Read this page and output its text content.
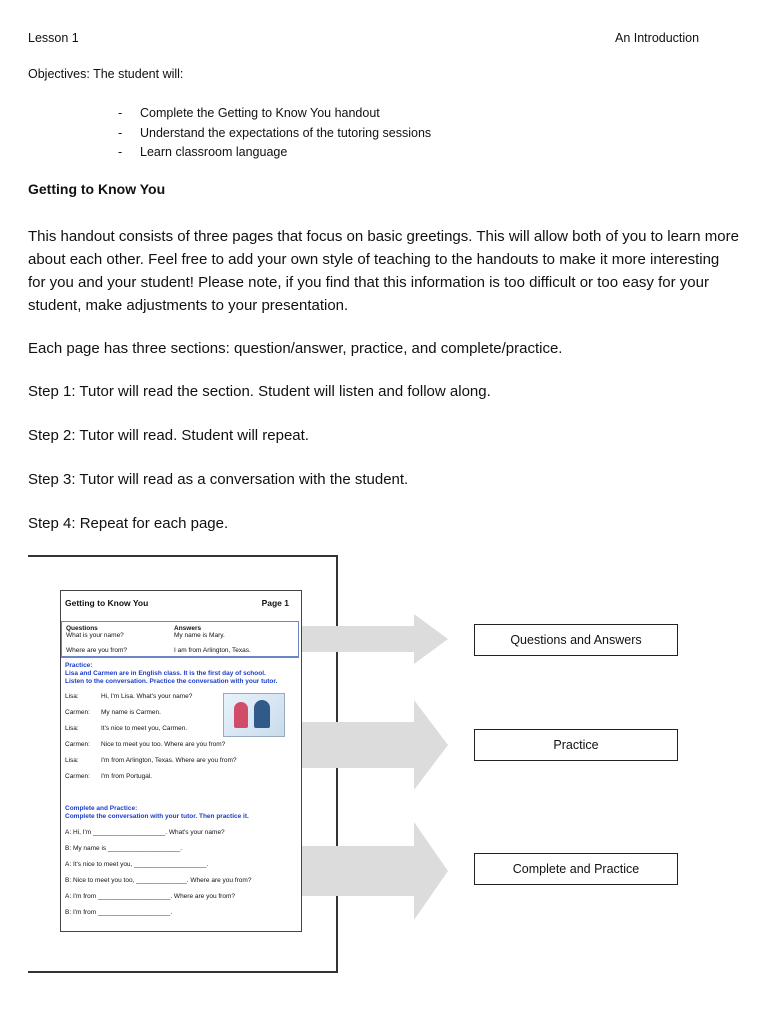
Lesson 1	An Introduction
Objectives: The student will:
- Complete the Getting to Know You handout
- Understand the expectations of the tutoring sessions
- Learn classroom language
Getting to Know You

This handout consists of three pages that focus on basic greetings. This will allow both of you to learn more about each other. Feel free to add your own style of teaching to the handouts to make it more interesting for you and your student! Please note, if you find that this information is too difficult or too easy for your student, make adjustments to your presentation.

Each page has three sections: question/answer, practice, and complete/practice.
Step 1: Tutor will read the section. Student will listen and follow along.
Step 2: Tutor will read. Student will repeat.
Step 3: Tutor will read as a conversation with the student.
Step 4: Repeat for each page.
Getting to Know You	Page 1
Questions	Answers
What is your name?	My name is Mary.
Where are you from?	I am from Arlington, Texas.
Practice:
Lisa and Carmen are in English class. It is the first day of school.
Listen to the conversation. Practice the conversation with your tutor.
Lisa:	Hi, I'm Lisa. What's your name?
Carmen: My name is Carmen.
Lisa:	It's nice to meet you, Carmen.
Carmen: Nice to meet you too. Where are you from?
Lisa:	I'm from Arlington, Texas. Where are you from?
Carmen: I'm from Portugal.
Complete and Practice:
Complete the conversation with your tutor. Then practice it.
A: Hi, I'm ____________________. What's your name?
B: My name is ____________________.
A: It's nice to meet you, ____________________.
B: Nice to meet you too, ______________. Where are you from?
A: I'm from ____________________. Where are you from?
B: I'm from ____________________.
Questions and Answers
Practice
Complete and Practice
